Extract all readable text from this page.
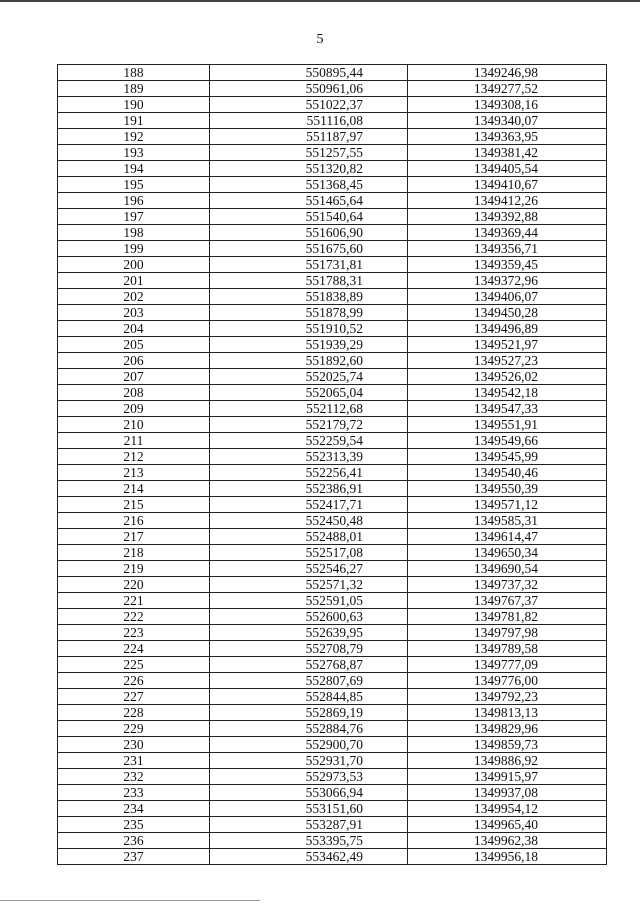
5
188	550895,44	1349246,98
189	550961,06	1349277,52
190	551022,37	1349308,16
191	551116,08	1349340,07
192	551187,97	1349363,95
193	551257,55	1349381,42
194	551320,82	1349405,54
195	551368,45	1349410,67
196	551465,64	1349412,26
197	551540,64	1349392,88
198	551606,90	1349369,44
199	551675,60	1349356,71
200	551731,81	1349359,45
201	551788,31	1349372,96
202	551838,89	1349406,07
203	551878,99	1349450,28
204	551910,52	1349496,89
205	551939,29	1349521,97
206	551892,60	1349527,23
207	552025,74	1349526,02
208	552065,04	1349542,18
209	552112,68	1349547,33
210	552179,72	1349551,91
211	552259,54	1349549,66
212	552313,39	1349545,99
213	552256,41	1349540,46
214	552386,91	1349550,39
215	552417,71	1349571,12
216	552450,48	1349585,31
217	552488,01	1349614,47
218	552517,08	1349650,34
219	552546,27	1349690,54
220	552571,32	1349737,32
221	552591,05	1349767,37
222	552600,63	1349781,82
223	552639,95	1349797,98
224	552708,79	1349789,58
225	552768,87	1349777,09
226	552807,69	1349776,00
227	552844,85	1349792,23
228	552869,19	1349813,13
229	552884,76	1349829,96
230	552900,70	1349859,73
231	552931,70	1349886,92
232	552973,53	1349915,97
233	553066,94	1349937,08
234	553151,60	1349954,12
235	553287,91	1349965,40
236	553395,75	1349962,38
237	553462,49	1349956,18
